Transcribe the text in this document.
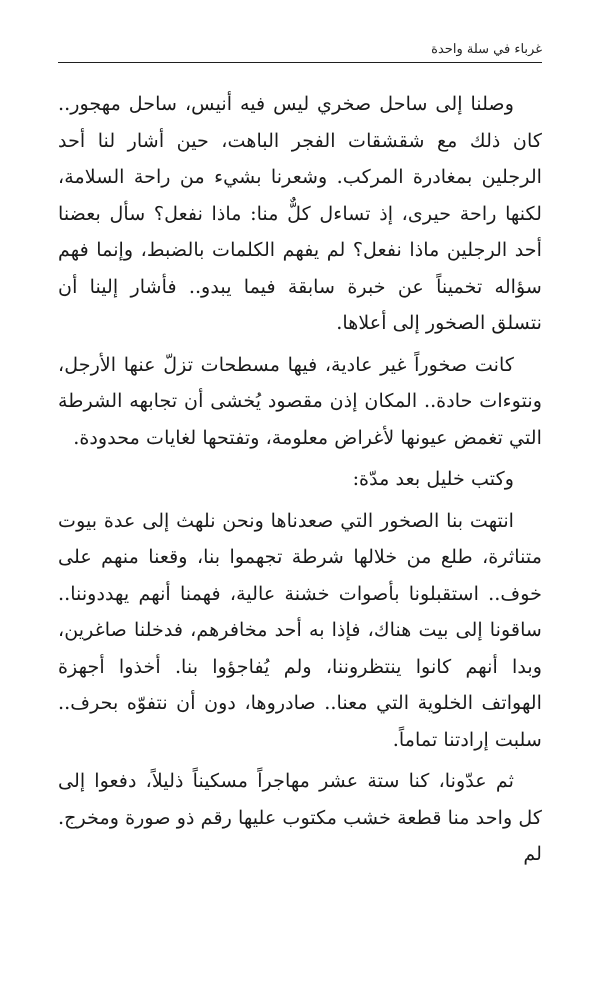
غرباء في سلة واحدة

وصلنا إلى ساحل صخري ليس فيه أنيس، ساحل مهجور.. كان ذلك مع شقشقات الفجر الباهت، حين أشار لنا أحد الرجلين بمغادرة المركب. وشعرنا بشيء من راحة السلامة، لكنها راحة حيرى، إذ تساءل كلٌّ منا: ماذا نفعل؟ سأل بعضنا أحد الرجلين ماذا نفعل؟ لم يفهم الكلمات بالضبط، وإنما فهم سؤاله تخميناً عن خبرة سابقة فيما يبدو.. فأشار إلينا أن نتسلق الصخور إلى أعلاها.

كانت صخوراً غير عادية، فيها مسطحات تزلّ عنها الأرجل، ونتوءات حادة.. المكان إذن مقصود يُخشى أن تجابهه الشرطة التي تغمض عيونها لأغراض معلومة، وتفتحها لغايات محدودة.

وكتب خليل بعد مدّة:

انتهت بنا الصخور التي صعدناها ونحن نلهث إلى عدة بيوت متناثرة، طلع من خلالها شرطة تجهموا بنا، وقعنا منهم على خوف.. استقبلونا بأصوات خشنة عالية، فهمنا أنهم يهددوننا.. ساقونا إلى بيت هناك، فإذا به أحد مخافرهم، فدخلنا صاغرين، وبدا أنهم كانوا ينتظروننا، ولم يُفاجؤوا بنا. أخذوا أجهزة الهواتف الخلوية التي معنا.. صادروها، دون أن نتفوّه بحرف.. سلبت إرادتنا تماماً.

ثم عدّونا، كنا ستة عشر مهاجراً مسكيناً ذليلاً، دفعوا إلى كل واحد منا قطعة خشب مكتوب عليها رقم ذو صورة ومخرج. لم
